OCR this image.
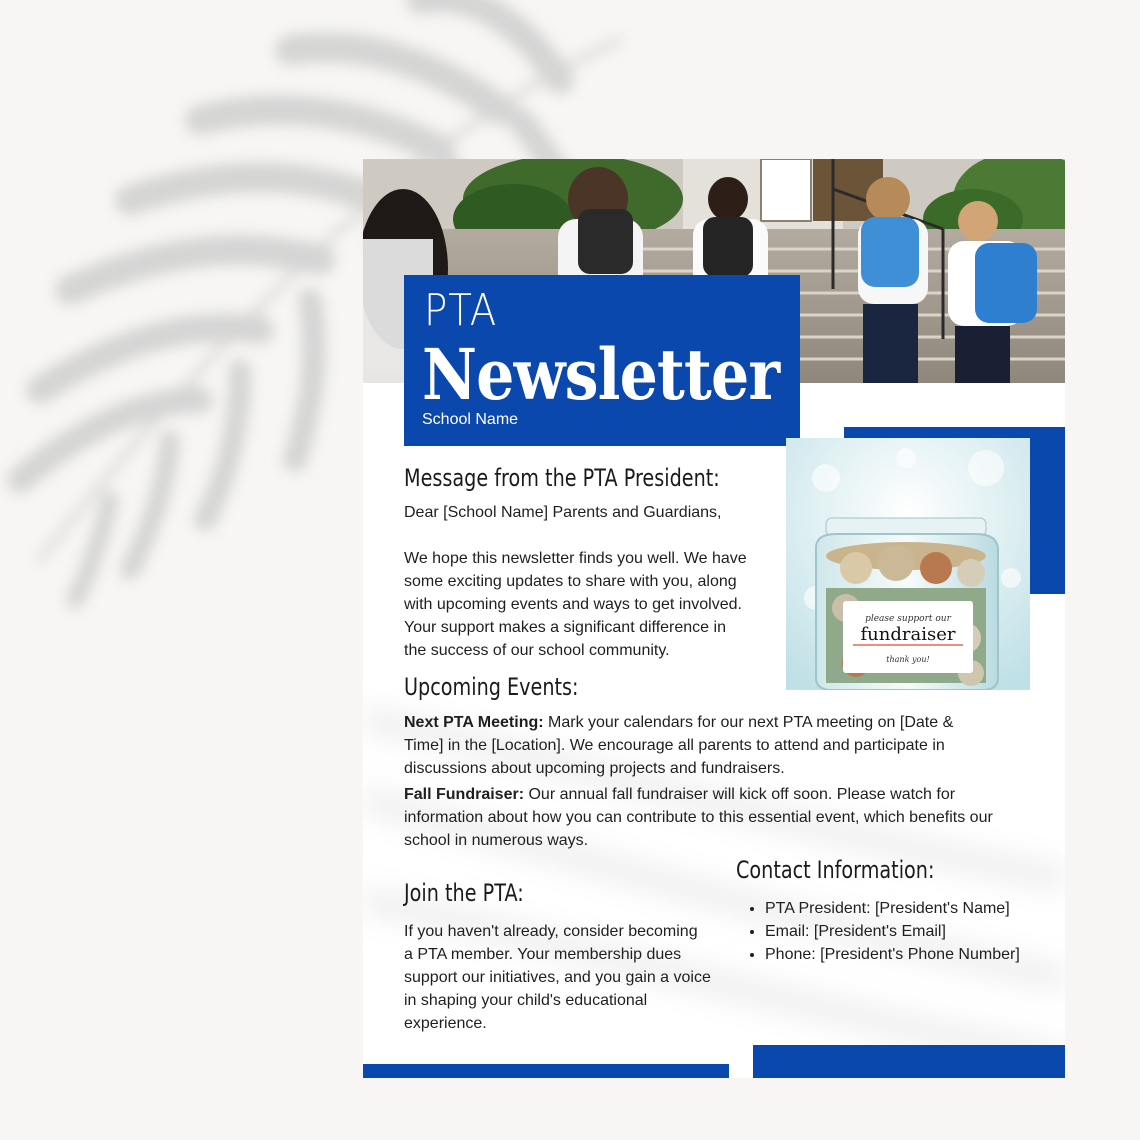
PTA
Newsletter
School Name
please support our
fundraiser
thank you!
Message from the PTA President:

Dear [School Name] Parents and Guardians,

We hope this newsletter finds you well. We have

some exciting updates to share with you, along

with upcoming events and ways to get involved.

Your support makes a significant difference in

the success of our school community.

Upcoming Events:

Next PTA Meeting: Mark your calendars for our next PTA meeting on [Date &

Time] in the [Location]. We encourage all parents to attend and participate in

discussions about upcoming projects and fundraisers.

Fall Fundraiser: Our annual fall fundraiser will kick off soon. Please watch for

information about how you can contribute to this essential event, which benefits our

school in numerous ways.

Join the PTA:

If you haven't already, consider becoming

a PTA member. Your membership dues

support our initiatives, and you gain a voice

in shaping your child's educational

experience.

Contact Information:
• PTA President: [President's Name]
• Email: [President's Email]
• Phone: [President's Phone Number]
